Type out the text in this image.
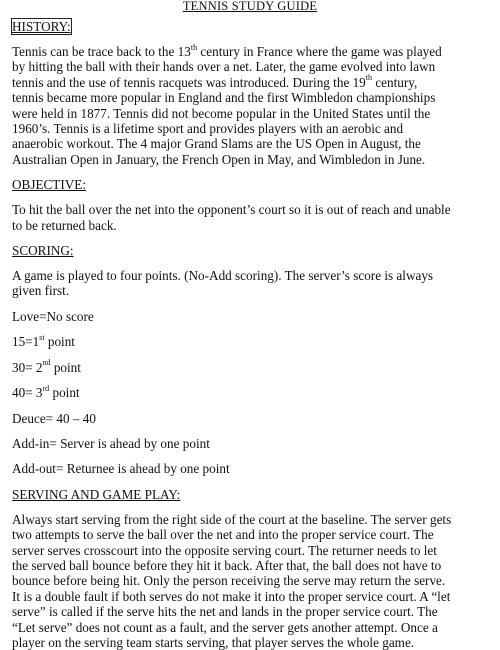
TENNIS STUDY GUIDE

HISTORY:

Tennis can be trace back to the 13th century in France where the game was played
by hitting the ball with their hands over a net. Later, the game evolved into lawn
tennis and the use of tennis racquets was introduced. During the 19th century,
tennis became more popular in England and the first Wimbledon championships
were held in 1877. Tennis did not become popular in the United States until the
1960’s. Tennis is a lifetime sport and provides players with an aerobic and
anaerobic workout. The 4 major Grand Slams are the US Open in August, the
Australian Open in January, the French Open in May, and Wimbledon in June.

OBJECTIVE:

To hit the ball over the net into the opponent’s court so it is out of reach and unable
to be returned back.

SCORING:

A game is played to four points. (No-Add scoring). The server’s score is always
given first.

Love=No score

15=1st point

30= 2nd point

40= 3rd point

Deuce= 40 – 40

Add-in= Server is ahead by one point

Add-out= Returnee is ahead by one point

SERVING AND GAME PLAY:

Always start serving from the right side of the court at the baseline. The server gets
two attempts to serve the ball over the net and into the proper service court. The
server serves crosscourt into the opposite serving court. The returner needs to let
the served ball bounce before they hit it back. After that, the ball does not have to
bounce before being hit. Only the person receiving the serve may return the serve.
It is a double fault if both serves do not make it into the proper service court. A “let
serve” is called if the serve hits the net and lands in the proper service court. The
“Let serve” does not count as a fault, and the server gets another attempt. Once a
player on the serving team starts serving, that player serves the whole game.
